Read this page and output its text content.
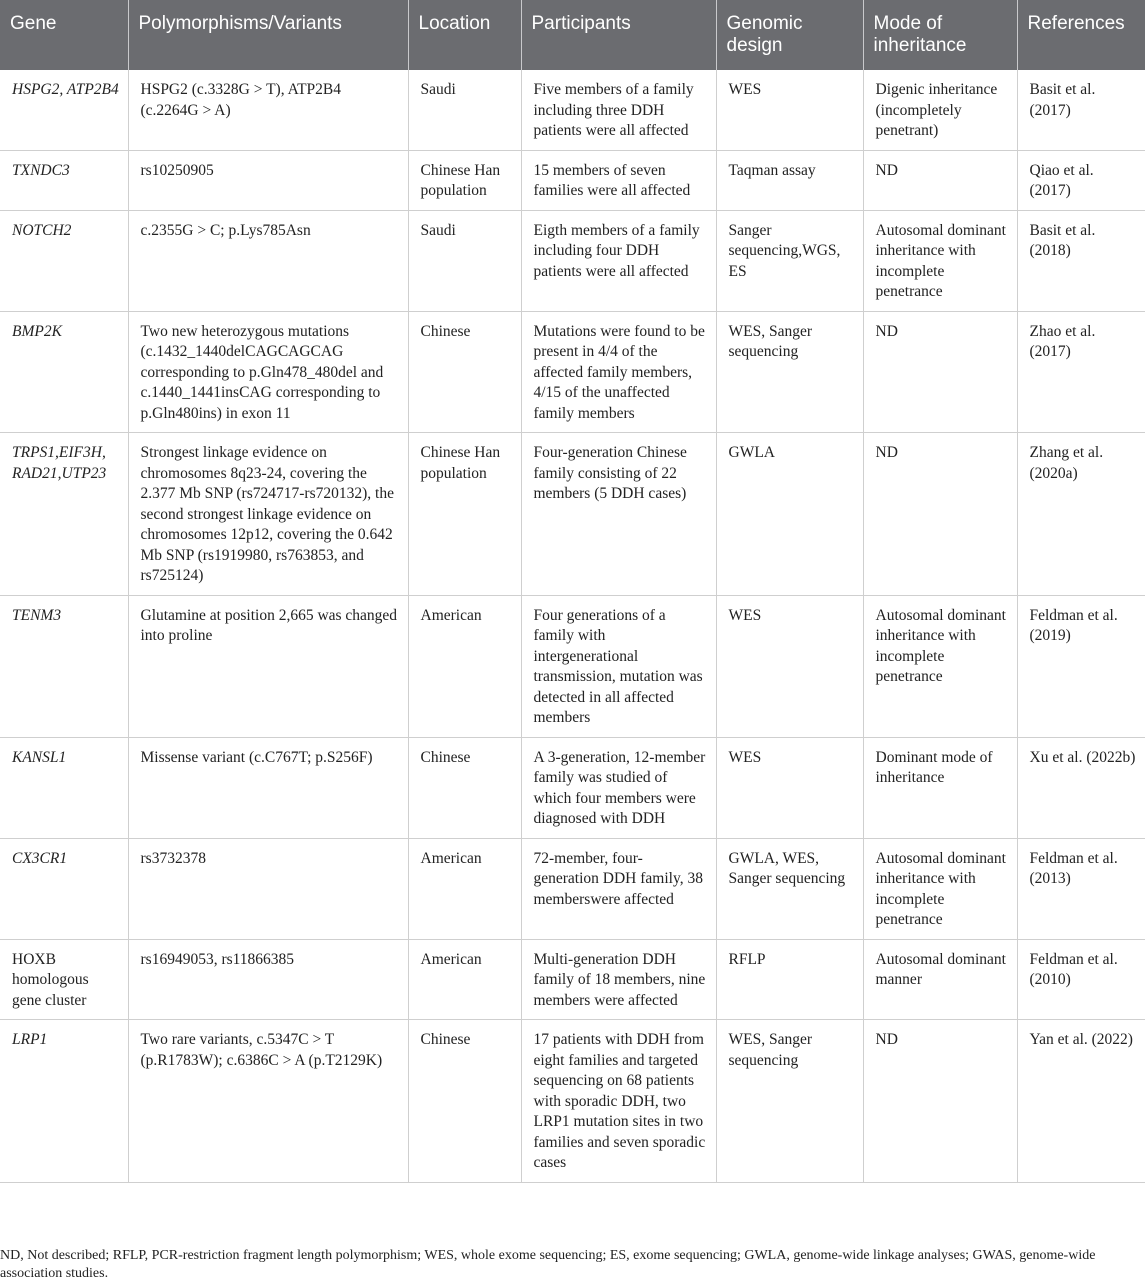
Gene	Polymorphisms/Variants	Location	Participants	Genomic design	Mode of inheritance	References
HSPG2, ATP2B4	HSPG2 (c.3328G > T), ATP2B4 (c.2264G > A)	Saudi	Five members of a family including three DDH patients were all affected	WES	Digenic inheritance (incompletely penetrant)	Basit et al. (2017)
TXNDC3	rs10250905	Chinese Han population	15 members of seven families were all affected	Taqman assay	ND	Qiao et al. (2017)
NOTCH2	c.2355G > C; p.Lys785Asn	Saudi	Eigth members of a family including four DDH patients were all affected	Sanger sequencing,WGS, ES	Autosomal dominant inheritance with incomplete penetrance	Basit et al. (2018)
BMP2K	Two new heterozygous mutations (c.1432_1440delCAGCAGCAG corresponding to p.Gln478_480del and c.1440_1441insCAG corresponding to p.Gln480ins) in exon 11	Chinese	Mutations were found to be present in 4/4 of the affected family members, 4/15 of the unaffected family members	WES, Sanger sequencing	ND	Zhao et al. (2017)
TRPS1,EIF3H, RAD21,UTP23	Strongest linkage evidence on chromosomes 8q23-24, covering the 2.377 Mb SNP (rs724717-rs720132), the second strongest linkage evidence on chromosomes 12p12, covering the 0.642 Mb SNP (rs1919980, rs763853, and rs725124)	Chinese Han population	Four-generation Chinese family consisting of 22 members (5 DDH cases)	GWLA	ND	Zhang et al. (2020a)
TENM3	Glutamine at position 2,665 was changed into proline	American	Four generations of a family with intergenerational transmission, mutation was detected in all affected members	WES	Autosomal dominant inheritance with incomplete penetrance	Feldman et al. (2019)
KANSL1	Missense variant (c.C767T; p.S256F)	Chinese	A 3-generation, 12-member family was studied of which four members were diagnosed with DDH	WES	Dominant mode of inheritance	Xu et al. (2022b)
CX3CR1	rs3732378	American	72-member, four-generation DDH family, 38 memberswere affected	GWLA, WES, Sanger sequencing	Autosomal dominant inheritance with incomplete penetrance	Feldman et al. (2013)
HOXB homologous gene cluster	rs16949053, rs11866385	American	Multi-generation DDH family of 18 members, nine members were affected	RFLP	Autosomal dominant manner	Feldman et al. (2010)
LRP1	Two rare variants, c.5347C > T (p.R1783W); c.6386C > A (p.T2129K)	Chinese	17 patients with DDH from eight families and targeted sequencing on 68 patients with sporadic DDH, two LRP1 mutation sites in two families and seven sporadic cases	WES, Sanger sequencing	ND	Yan et al. (2022)

ND, Not described; RFLP, PCR-restriction fragment length polymorphism; WES, whole exome sequencing; ES, exome sequencing; GWLA, genome-wide linkage analyses; GWAS, genome-wide association studies.
